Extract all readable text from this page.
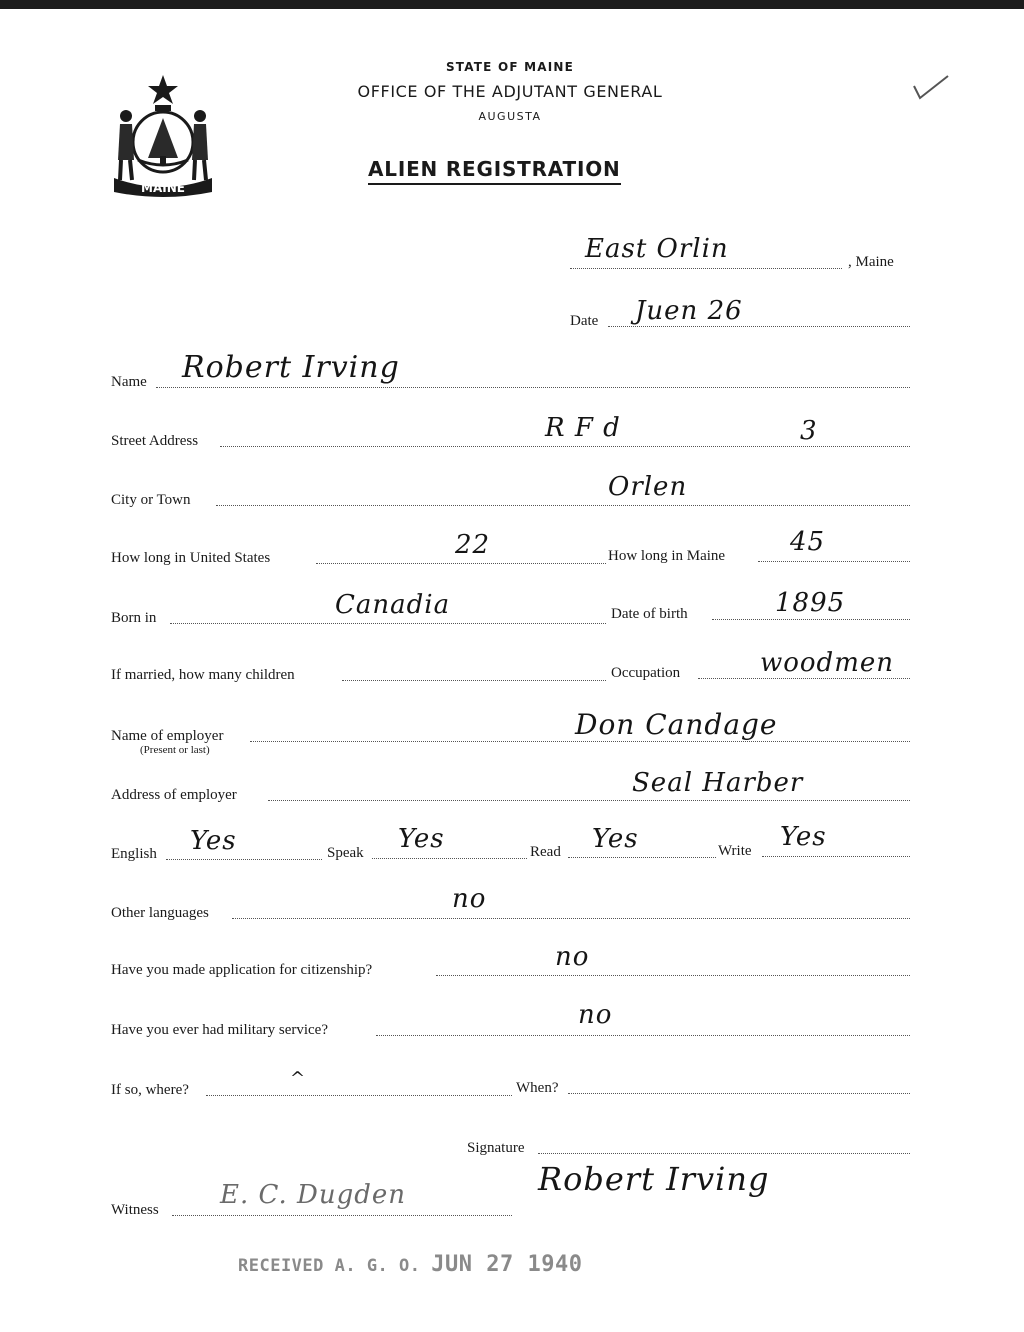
MAINE
STATE OF MAINE
OFFICE OF THE ADJUTANT GENERAL
AUGUSTA
ALIEN REGISTRATION
East Orlin	, Maine
Date Juen 26
Name Robert Irving
Street Address	R F d	3
City or Town	Orlen
How long in United States	22	How long in Maine 45
Born in	Canadia	Date of birth	1895
If married, how many children	Occupation	woodmen
Name of employer
(Present or last)
Don Candage
Address of employer	Seal Harber
English Yes	Speak Yes	Read Yes	Write Yes
Other languages	no
Have you made application for citizenship?	no
Have you ever had military service?	no
If so, where?
^	When?
Signature
Robert Irving
Witness E. C. Dugden
RECEIVED A. G. O. JUN 27 1940
